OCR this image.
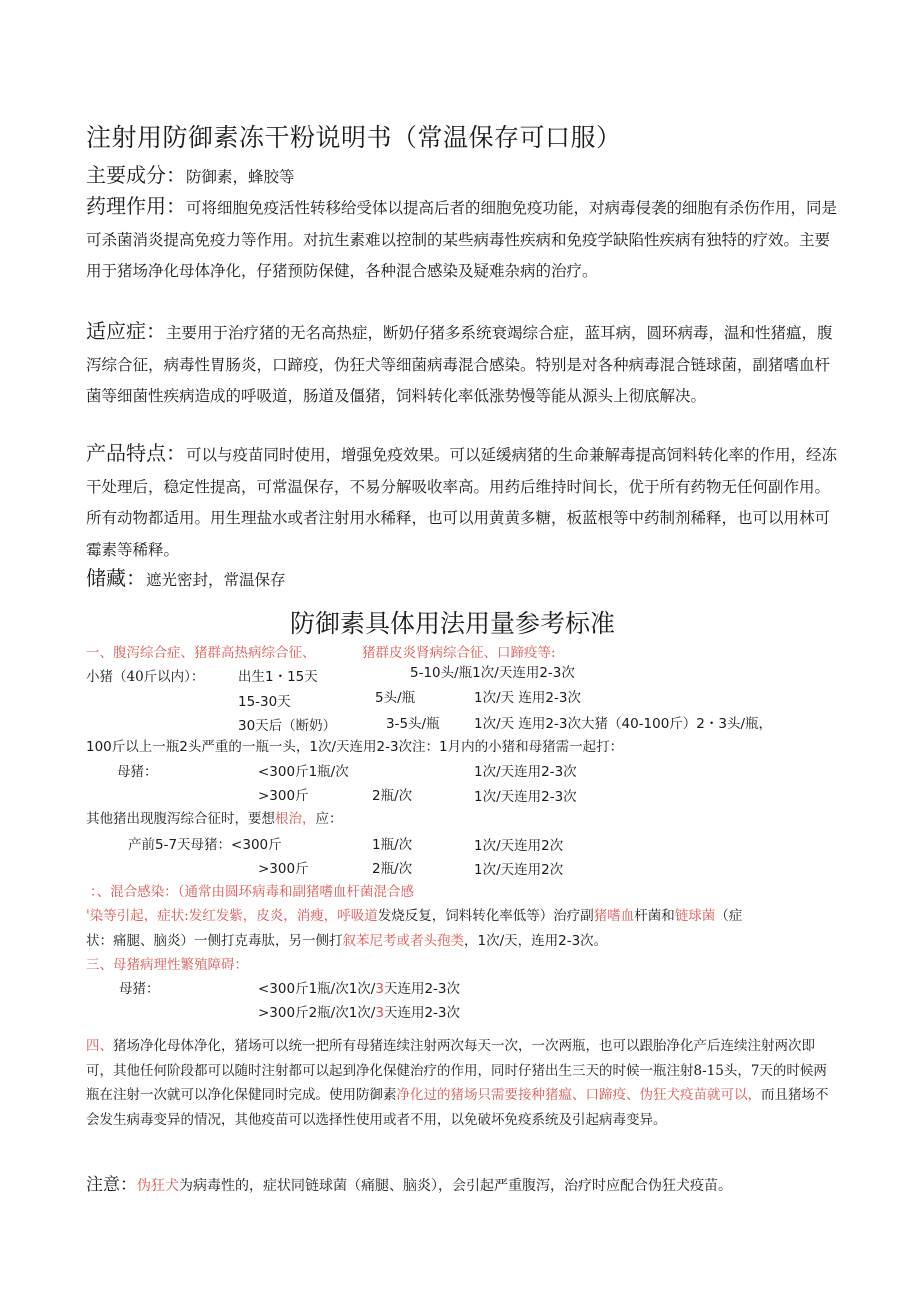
注射用防御素冻干粉说明书（常温保存可口服）
主要成分：防御素，蜂胶等
药理作用：可将细胞免疫活性转移给受体以提高后者的细胞免疫功能，对病毒侵袭的细胞有杀伤作用，同是可杀菌消炎提高免疫力等作用。对抗生素难以控制的某些病毒性疾病和免疫学缺陷性疾病有独特的疗效。主要用于猪场净化母体净化，仔猪预防保健，各种混合感染及疑难杂病的治疗。
适应症：主要用于治疗猪的无名高热症，断奶仔猪多系统衰竭综合症，蓝耳病，圆环病毒，温和性猪瘟，腹泻综合征，病毒性胃肠炎，口蹄疫，伪狂犬等细菌病毒混合感染。特别是对各种病毒混合链球菌，副猪嗜血杆菌等细菌性疾病造成的呼吸道，肠道及僵猪，饲料转化率低涨势慢等能从源头上彻底解决。
产品特点：可以与疫苗同时使用，增强免疫效果。可以延缓病猪的生命兼解毒提高饲料转化率的作用，经冻干处理后，稳定性提高，可常温保存，不易分解吸收率高。用药后维持时间长，优于所有药物无任何副作用。所有动物都适用。用生理盐水或者注射用水稀释，也可以用黄黄多糖，板蓝根等中药制剂稀释，也可以用林可霉素等稀释。
储藏：遮光密封，常温保存
防御素具体用法用量参考标准
一、腹泻综合症、猪群高热病综合征、	猪群皮炎肾病综合征、口蹄疫等:
小猪（40斤以内）： 出生1・15天	5-10头/瓶1次/天连用2-3次
15-30天	5头/瓶	1次/天 连用2-3次
30天后（断奶）	3-5头/瓶	1次/天 连用2-3次大猪（40-100斤）2・3头/瓶，
100斤以上一瓶2头严重的一瓶一头，1次/天连用2-3次注：1月内的小猪和母猪需一起打：
母猪：	<300斤1瓶/次	1次/天连用2-3次
>300斤	2瓶/次	1次/天连用2-3次
其他猪出现腹泻综合征时，要想根治，应：
产前5-7天母猪：<300斤	1瓶/次	1次/天连用2次
>300斤	2瓶/次	1次/天连用2次
：、混合感染：（通常由圆环病毒和副猪嗜血杆菌混合感
'染等引起，症状:发红发紫，皮炎，消瘦，呼吸道发烧反复，饲料转化率低等）治疗副猪嗜血杆菌和链球菌（症
状：痛腿、脑炎）一侧打克毒肽，另一侧打叙苯尼考或者头孢类，1次/天，连用2-3次。
三、母猪病理性繁殖障碍：
母猪：	<300斤1瓶/次1次/3天连用2-3次
>300斤2瓶/次1次/3天连用2-3次
四、猪场净化母体净化，猪场可以统一把所有母猪连续注射两次每天一次，一次两瓶，也可以跟胎净化产后连续注射两次即可，其他任何阶段都可以随时注射都可以起到净化保健治疗的作用，同时仔猪出生三天的时候一瓶注射8-15头，7天的时候两瓶在注射一次就可以净化保健同时完成。使用防御素净化过的猪场只需要接种猪瘟、口蹄疫、伪狂犬疫苗就可以，而且猪场不会发生病毒变异的情况，其他疫苗可以选择性使用或者不用，以免破坏免疫系统及引起病毒变异。
注意：伪狂犬为病毒性的，症状同链球菌（痛腿、脑炎），会引起严重腹泻，治疗时应配合伪狂犬疫苗。
